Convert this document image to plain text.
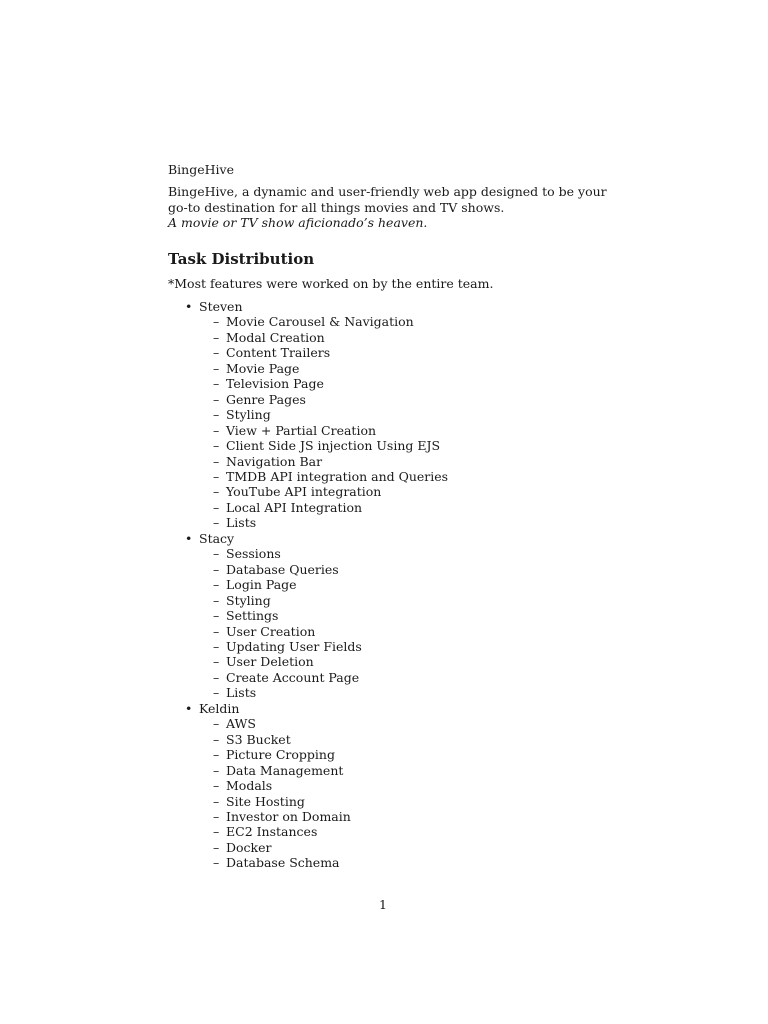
BingeHive

BingeHive, a dynamic and user-friendly web app designed to be your go-to destination for all things movies and TV shows.

A movie or TV show aficionado’s heaven.

Task Distribution

*Most features were worked on by the entire team.

• Steven
– Movie Carousel & Navigation
– Modal Creation
– Content Trailers
– Movie Page
– Television Page
– Genre Pages
– Styling
– View + Partial Creation
– Client Side JS injection Using EJS
– Navigation Bar
– TMDB API integration and Queries
– YouTube API integration
– Local API Integration
– Lists
• Stacy
– Sessions
– Database Queries
– Login Page
– Styling
– Settings
– User Creation
– Updating User Fields
– User Deletion
– Create Account Page
– Lists
• Keldin
– AWS
– S3 Bucket
– Picture Cropping
– Data Management
– Modals
– Site Hosting
– Investor on Domain
– EC2 Instances
– Docker
– Database Schema

1
